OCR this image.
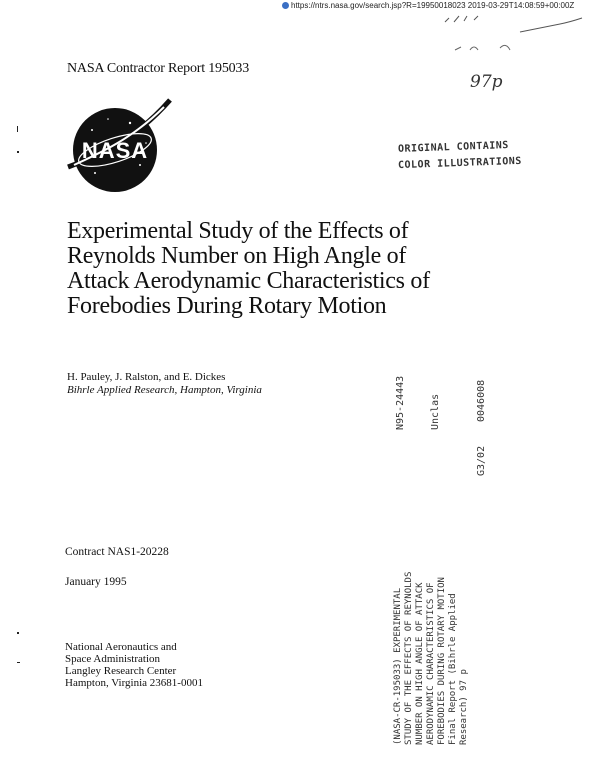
https://ntrs.nasa.gov/search.jsp?R=19950018023 2019-03-29T14:08:59+00:00Z
97p
NASA Contractor Report 195033
NASA	ORIGINAL CONTAINS
COLOR ILLUSTRATIONS
Experimental Study of the Effects of
Reynolds Number on High Angle of
Attack Aerodynamic Characteristics of
Forebodies During Rotary Motion
H. Pauley, J. Ralston, and E. Dickes
Bihrle Applied Research, Hampton, Virginia	N95-24443 Unclas	0046008
G3/02
(NASA-CR-195033) EXPERIMENTAL STUDY OF THE EFFECTS OF REYNOLDS NUMBER ON HIGH ANGLE OF ATTACK AERODYNAMIC CHARACTERISTICS OF FOREBODIES DURING ROTARY MOTION Final Report (Bihrle Applied Research) 97 p
Contract NAS1-20228
January 1995
National Aeronautics and
Space Administration
Langley Research Center
Hampton, Virginia 23681-0001
